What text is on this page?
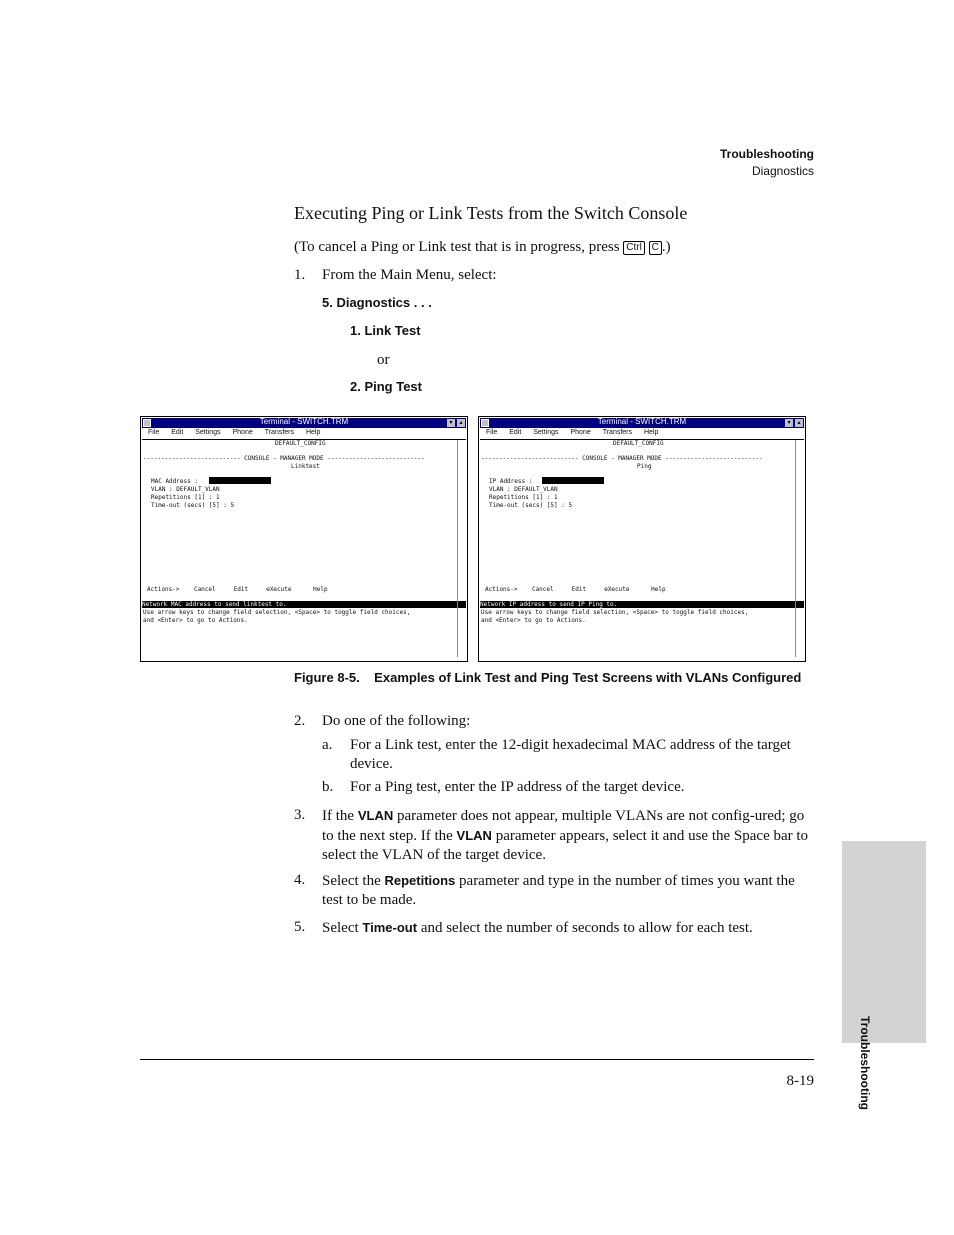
Troubleshooting
Diagnostics
Executing Ping or Link Tests from the Switch Console
(To cancel a Ping or Link test that is in progress, press Ctrl C .)
1. From the Main Menu, select:
5. Diagnostics . . .
1. Link Test
or
2. Ping Test
Terminal - SWITCH.TRM	▾	▴
File Edit Settings Phone Transfers Help
DEFAULT_CONFIG
--------------------------- CONSOLE - MANAGER MODE ---------------------------
Linktest
MAC Address :
VLAN : DEFAULT_VLAN
Repetitions [1] : 1
Time-out (secs) [5] : 5
Actions->    Cancel     Edit     eXecute      Help
Network MAC address to send linktest to.
Use arrow keys to change field selection, <Space> to toggle field choices,
and <Enter> to go to Actions.
Terminal - SWITCH.TRM	▾	▴
File Edit Settings Phone Transfers Help
DEFAULT_CONFIG
--------------------------- CONSOLE - MANAGER MODE ---------------------------
Ping
IP Address :
VLAN : DEFAULT_VLAN
Repetitions [1] : 1
Time-out (secs) [5] : 5
Actions->    Cancel     Edit     eXecute      Help
Network IP address to send IP Ping to.
Use arrow keys to change field selection, <Space> to toggle field choices,
and <Enter> to go to Actions.
Figure 8-5.    Examples of Link Test and Ping Test Screens with VLANs Configured
2. Do one of the following:
a. For a Link test, enter the 12-digit hexadecimal MAC address of the target device.
b. For a Ping test, enter the IP address of the target device.
3. If the VLAN parameter does not appear, multiple VLANs are not config-ured; go to the next step. If the VLAN parameter appears, select it and use the Space bar to select the VLAN of the target device.
4. Select the Repetitions parameter and type in the number of times you want the test to be made.
5. Select Time-out and select the number of seconds to allow for each test.
Troubleshooting
8-19
